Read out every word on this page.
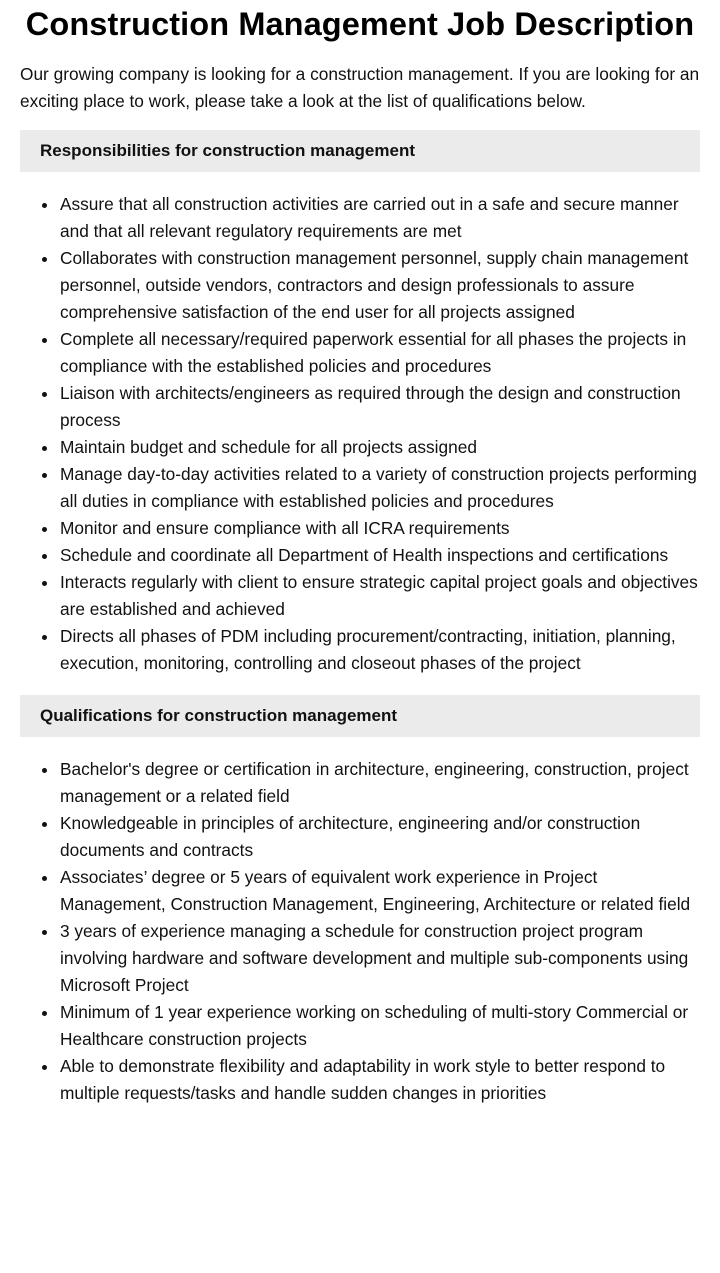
Construction Management Job Description

Our growing company is looking for a construction management. If you are looking for an exciting place to work, please take a look at the list of qualifications below.

Responsibilities for construction management
Assure that all construction activities are carried out in a safe and secure manner and that all relevant regulatory requirements are met
Collaborates with construction management personnel, supply chain management personnel, outside vendors, contractors and design professionals to assure comprehensive satisfaction of the end user for all projects assigned
Complete all necessary/required paperwork essential for all phases the projects in compliance with the established policies and procedures
Liaison with architects/engineers as required through the design and construction process
Maintain budget and schedule for all projects assigned
Manage day-to-day activities related to a variety of construction projects performing all duties in compliance with established policies and procedures
Monitor and ensure compliance with all ICRA requirements
Schedule and coordinate all Department of Health inspections and certifications
Interacts regularly with client to ensure strategic capital project goals and objectives are established and achieved
Directs all phases of PDM including procurement/contracting, initiation, planning, execution, monitoring, controlling and closeout phases of the project
Qualifications for construction management
Bachelor's degree or certification in architecture, engineering, construction, project management or a related field
Knowledgeable in principles of architecture, engineering and/or construction documents and contracts
Associates’ degree or 5 years of equivalent work experience in Project Management, Construction Management, Engineering, Architecture or related field
3 years of experience managing a schedule for construction project program involving hardware and software development and multiple sub-components using Microsoft Project
Minimum of 1 year experience working on scheduling of multi-story Commercial or Healthcare construction projects
Able to demonstrate flexibility and adaptability in work style to better respond to multiple requests/tasks and handle sudden changes in priorities
